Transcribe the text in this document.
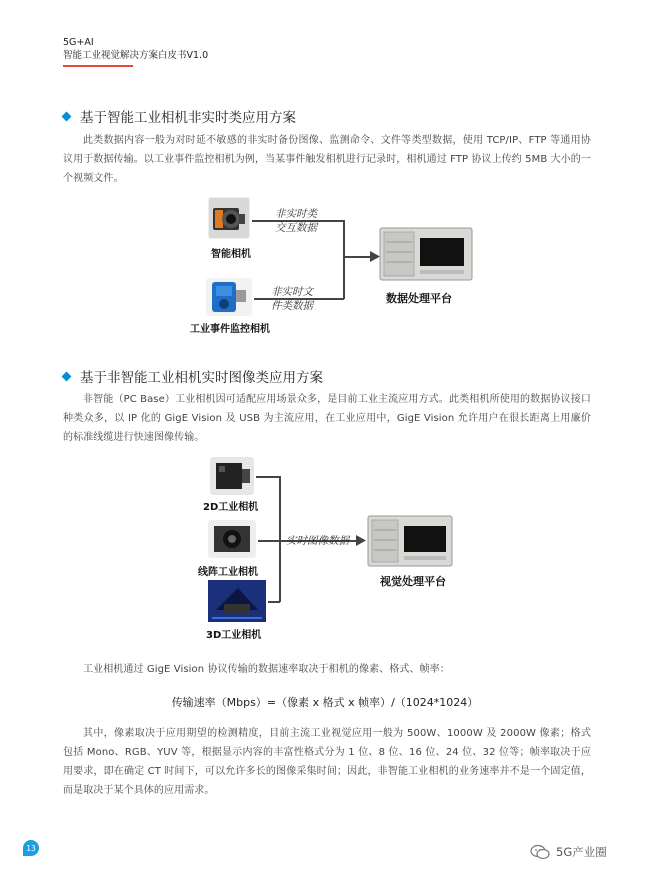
5G+AI
智能工业视觉解决方案白皮书V1.0
基于智能工业相机非实时类应用方案
此类数据内容一般为对时延不敏感的非实时备份图像、监测命令、文件等类型数据，使用 TCP/IP、FTP 等通用协议用于数据传输。以工业事件监控相机为例，当某事件触发相机进行记录时，相机通过 FTP 协议上传约 5MB 大小的一个视频文件。
智能相机
工业事件监控相机
非实时类
交互数据
非实时文
件类数据
数据处理平台
基于非智能工业相机实时图像类应用方案
非智能（PC Base）工业相机因可适配应用场景众多，是目前工业主流应用方式。此类相机所使用的数据协议接口种类众多，以 IP 化的 GigE Vision 及 USB 为主流应用，在工业应用中，GigE Vision 允许用户在很长距离上用廉价的标准线缆进行快速图像传输。
2D工业相机
线阵工业相机
3D工业相机
实时图像数据
视觉处理平台
工业相机通过 GigE Vision 协议传输的数据速率取决于相机的像素、格式、帧率：
传输速率（Mbps）=（像素 x 格式 x 帧率）/（1024*1024）
其中，像素取决于应用期望的检测精度，目前主流工业视觉应用一般为 500W、1000W 及 2000W 像素；格式包括 Mono、RGB、YUV 等，根据显示内容的丰富性格式分为 1 位、8 位、16 位、24 位、32 位等；帧率取决于应用要求，即在确定 CT 时间下，可以允许多长的图像采集时间；因此，非智能工业相机的业务速率并不是一个固定值，而是取决于某个具体的应用需求。
13	5G产业圈
